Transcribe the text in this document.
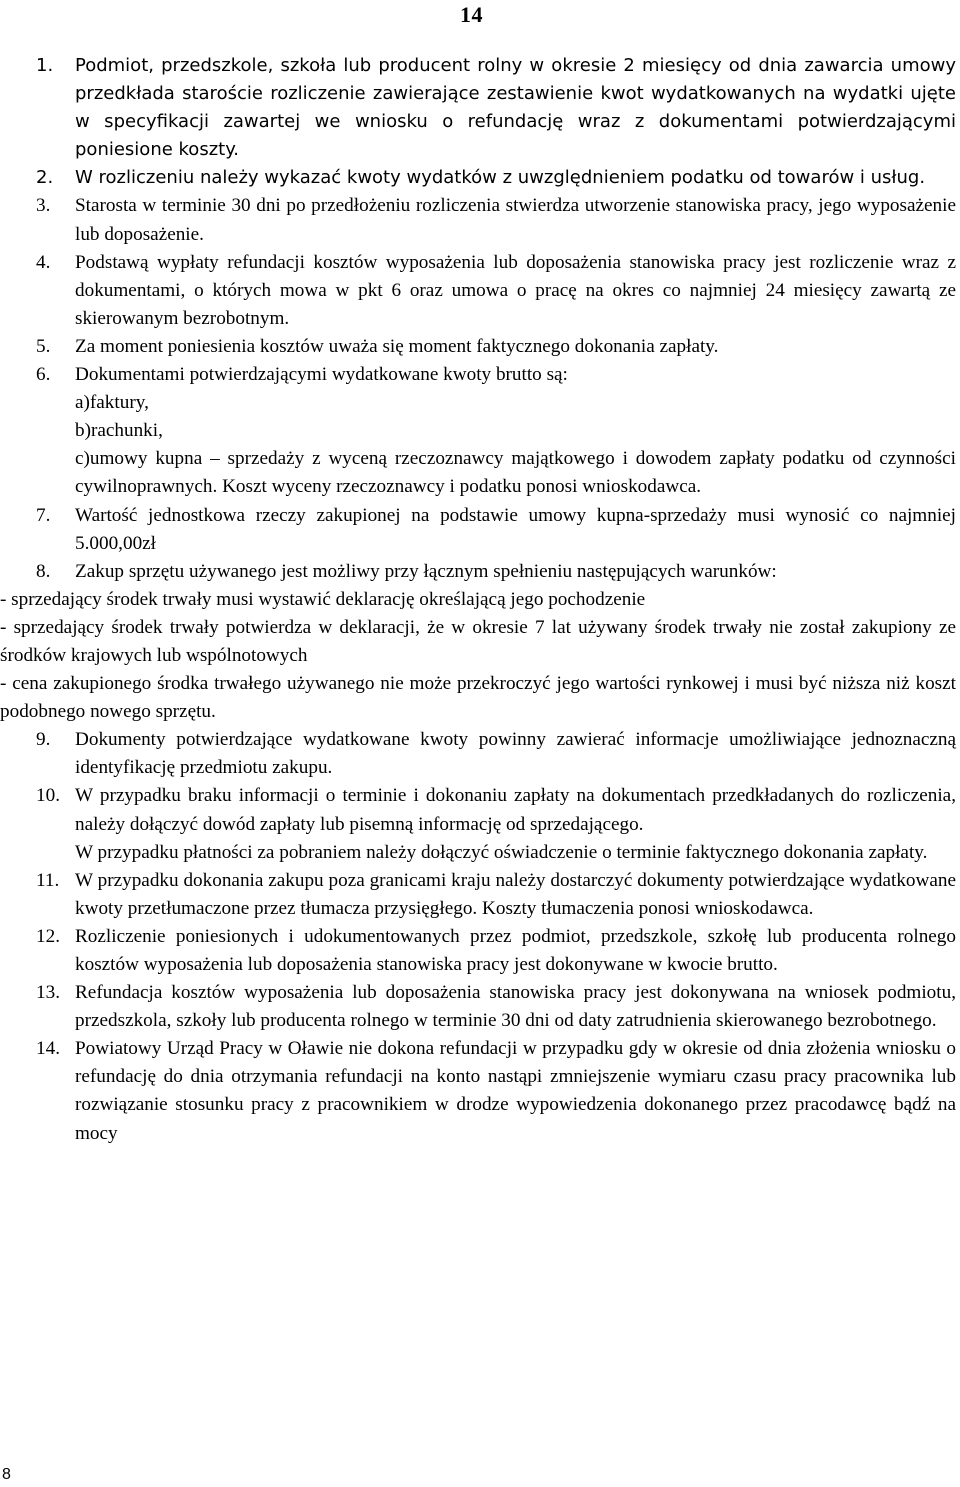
14
1. Podmiot, przedszkole, szkoła lub producent rolny w okresie 2 miesięcy od dnia zawarcia umowy przedkłada staroście rozliczenie zawierające zestawienie kwot wydatkowanych na wydatki ujęte w specyfikacji zawartej we wniosku o refundację wraz z dokumentami potwierdzającymi poniesione koszty.
2. W rozliczeniu należy wykazać kwoty wydatków z uwzględnieniem podatku od towarów i usług.
3. Starosta w terminie 30 dni po przedłożeniu rozliczenia stwierdza utworzenie stanowiska pracy, jego wyposażenie lub doposażenie.
4. Podstawą wypłaty refundacji kosztów wyposażenia lub doposażenia stanowiska pracy jest rozliczenie wraz z dokumentami, o których mowa w pkt 6 oraz umowa o pracę na okres co najmniej 24 miesięcy zawartą ze skierowanym bezrobotnym.
5. Za moment poniesienia kosztów uważa się moment faktycznego dokonania zapłaty.
6. Dokumentami potwierdzającymi wydatkowane kwoty brutto są:
a)faktury,
b)rachunki,
c)umowy kupna – sprzedaży z wyceną rzeczoznawcy majątkowego i dowodem zapłaty podatku od czynności cywilnoprawnych. Koszt wyceny rzeczoznawcy i podatku ponosi wnioskodawca.
7. Wartość jednostkowa rzeczy zakupionej na podstawie umowy kupna-sprzedaży musi wynosić co najmniej 5.000,00zł
8. Zakup sprzętu używanego jest możliwy przy łącznym spełnieniu następujących warunków:
- sprzedający środek trwały musi wystawić deklarację określającą jego pochodzenie
- sprzedający środek trwały potwierdza w deklaracji, że w okresie 7 lat używany środek trwały nie został zakupiony ze środków krajowych lub wspólnotowych
- cena zakupionego środka trwałego używanego nie może przekroczyć jego wartości rynkowej i musi być niższa niż koszt podobnego nowego sprzętu.
9. Dokumenty potwierdzające wydatkowane kwoty powinny zawierać informacje umożliwiające jednoznaczną identyfikację przedmiotu zakupu.
10. W przypadku braku informacji o terminie i dokonaniu zapłaty na dokumentach przedkładanych do rozliczenia, należy dołączyć dowód zapłaty lub pisemną informację od sprzedającego.
W przypadku płatności za pobraniem należy dołączyć oświadczenie o terminie faktycznego dokonania zapłaty.
11. W przypadku dokonania zakupu poza granicami kraju należy dostarczyć dokumenty potwierdzające wydatkowane kwoty przetłumaczone przez tłumacza przysięgłego. Koszty tłumaczenia ponosi wnioskodawca.
12. Rozliczenie poniesionych i udokumentowanych przez podmiot, przedszkole, szkołę lub producenta rolnego kosztów wyposażenia lub doposażenia stanowiska pracy jest dokonywane w kwocie brutto.
13. Refundacja kosztów wyposażenia lub doposażenia stanowiska pracy jest dokonywana na wniosek podmiotu, przedszkola, szkoły lub producenta rolnego w terminie 30 dni od daty zatrudnienia skierowanego bezrobotnego.
14. Powiatowy Urząd Pracy w Oławie nie dokona refundacji w przypadku gdy w okresie od dnia złożenia wniosku o refundację do dnia otrzymania refundacji na konto nastąpi zmniejszenie wymiaru czasu pracy pracownika lub rozwiązanie stosunku pracy z pracownikiem w drodze wypowiedzenia dokonanego przez pracodawcę bądź na mocy
8
